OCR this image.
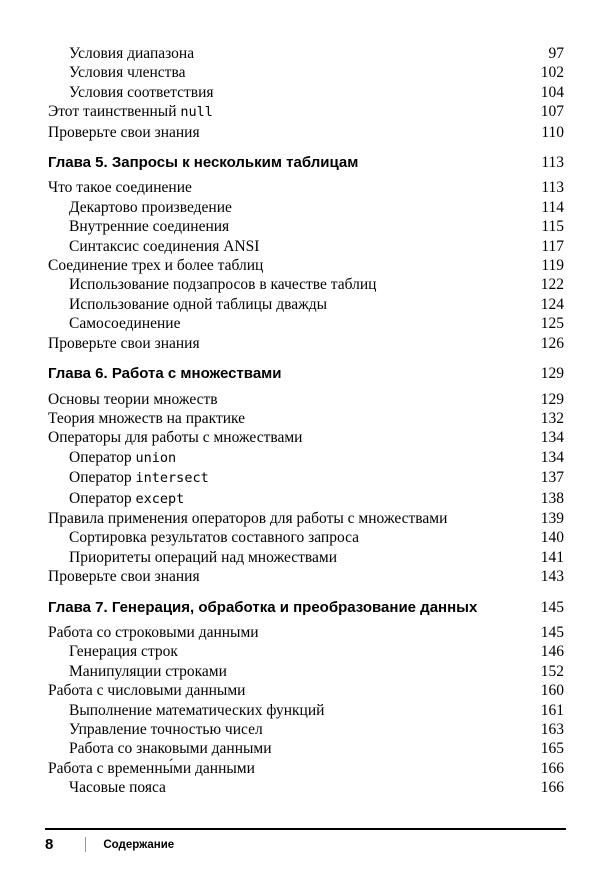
Условия диапазона	97
Условия членства	102
Условия соответствия	104
Этот таинственный null	107
Проверьте свои знания	110
Глава 5. Запросы к нескольким таблицам	113
Что такое соединение	113
Декартово произведение	114
Внутренние соединения	115
Синтаксис соединения ANSI	117
Соединение трех и более таблиц	119
Использование подзапросов в качестве таблиц	122
Использование одной таблицы дважды	124
Самосоединение	125
Проверьте свои знания	126
Глава 6. Работа с множествами	129
Основы теории множеств	129
Теория множеств на практике	132
Операторы для работы с множествами	134
Оператор union	134
Оператор intersect	137
Оператор except	138
Правила применения операторов для работы с множествами	139
Сортировка результатов составного запроса	140
Приоритеты операций над множествами	141
Проверьте свои знания	143
Глава 7. Генерация, обработка и преобразование данных	145
Работа со строковыми данными	145
Генерация строк	146
Манипуляции строками	152
Работа с числовыми данными	160
Выполнение математических функций	161
Управление точностью чисел	163
Работа со знаковыми данными	165
Работа с временны́ми данными	166
Часовые пояса	166
8	Содержание
